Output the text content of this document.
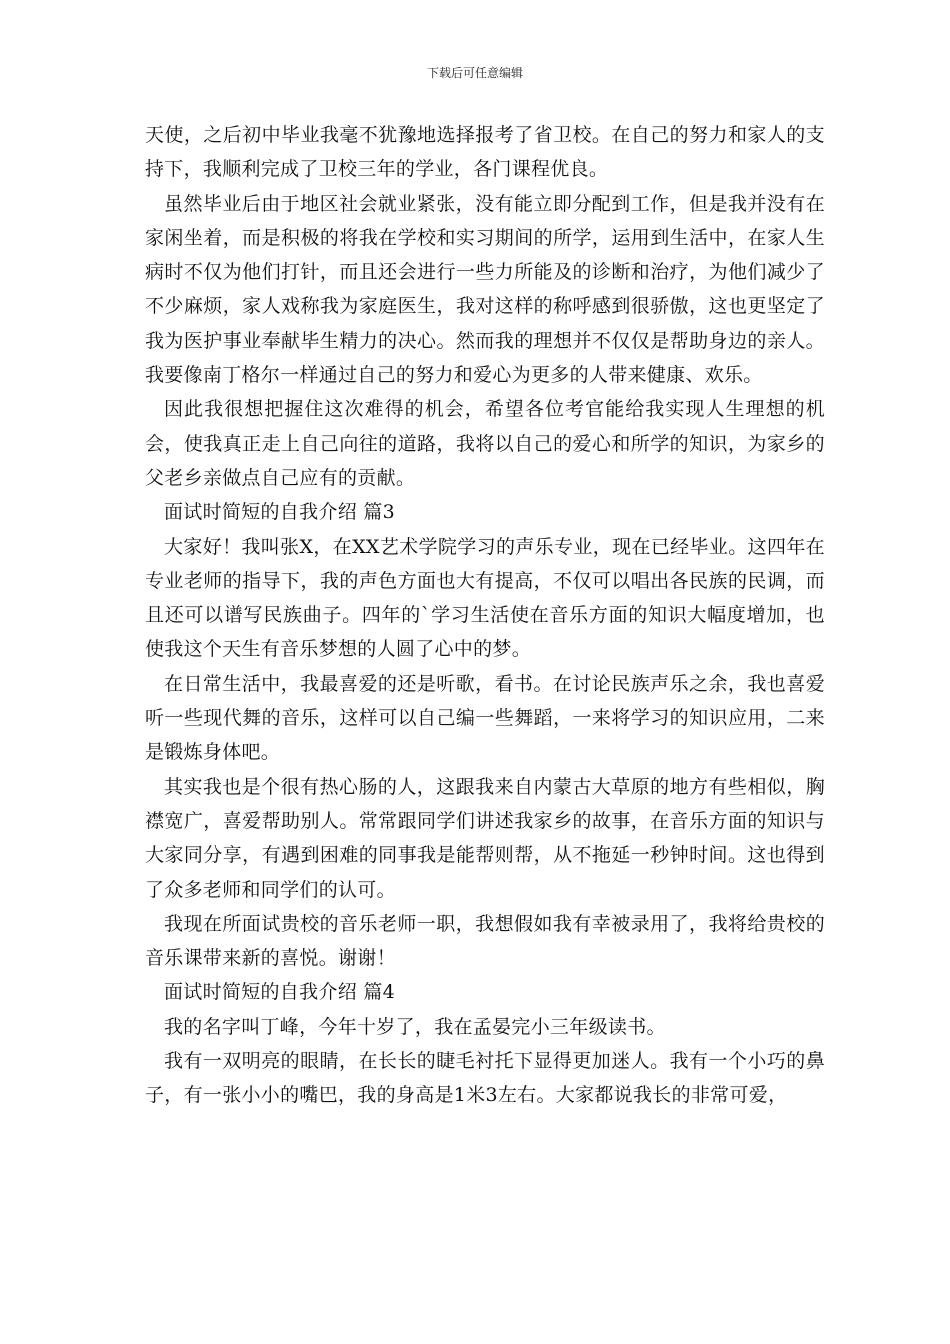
下载后可任意编辑

天使，之后初中毕业我毫不犹豫地选择报考了省卫校。在自己的努力和家人的支持下，我顺利完成了卫校三年的学业，各门课程优良。

虽然毕业后由于地区社会就业紧张，没有能立即分配到工作，但是我并没有在家闲坐着，而是积极的将我在学校和实习期间的所学，运用到生活中，在家人生病时不仅为他们打针，而且还会进行一些力所能及的诊断和治疗，为他们减少了不少麻烦，家人戏称我为家庭医生，我对这样的称呼感到很骄傲，这也更坚定了我为医护事业奉献毕生精力的决心。然而我的理想并不仅仅是帮助身边的亲人。我要像南丁格尔一样通过自己的努力和爱心为更多的人带来健康、欢乐。

因此我很想把握住这次难得的机会，希望各位考官能给我实现人生理想的机会，使我真正走上自己向往的道路，我将以自己的爱心和所学的知识，为家乡的父老乡亲做点自己应有的贡献。

面试时简短的自我介绍 篇3

大家好！我叫张X，在XX艺术学院学习的声乐专业，现在已经毕业。这四年在专业老师的指导下，我的声色方面也大有提高，不仅可以唱出各民族的民调，而且还可以谱写民族曲子。四年的`学习生活使在音乐方面的知识大幅度增加，也使我这个天生有音乐梦想的人圆了心中的梦。

在日常生活中，我最喜爱的还是听歌，看书。在讨论民族声乐之余，我也喜爱听一些现代舞的音乐，这样可以自己编一些舞蹈，一来将学习的知识应用，二来是锻炼身体吧。

其实我也是个很有热心肠的人，这跟我来自内蒙古大草原的地方有些相似，胸襟宽广，喜爱帮助别人。常常跟同学们讲述我家乡的故事，在音乐方面的知识与大家同分享，有遇到困难的同事我是能帮则帮，从不拖延一秒钟时间。这也得到了众多老师和同学们的认可。

我现在所面试贵校的音乐老师一职，我想假如我有幸被录用了，我将给贵校的音乐课带来新的喜悦。谢谢！

面试时简短的自我介绍 篇4

我的名字叫丁峰，今年十岁了，我在孟晏完小三年级读书。

我有一双明亮的眼睛，在长长的睫毛衬托下显得更加迷人。我有一个小巧的鼻子，有一张小小的嘴巴，我的身高是1米3左右。大家都说我长的非常可爱，
